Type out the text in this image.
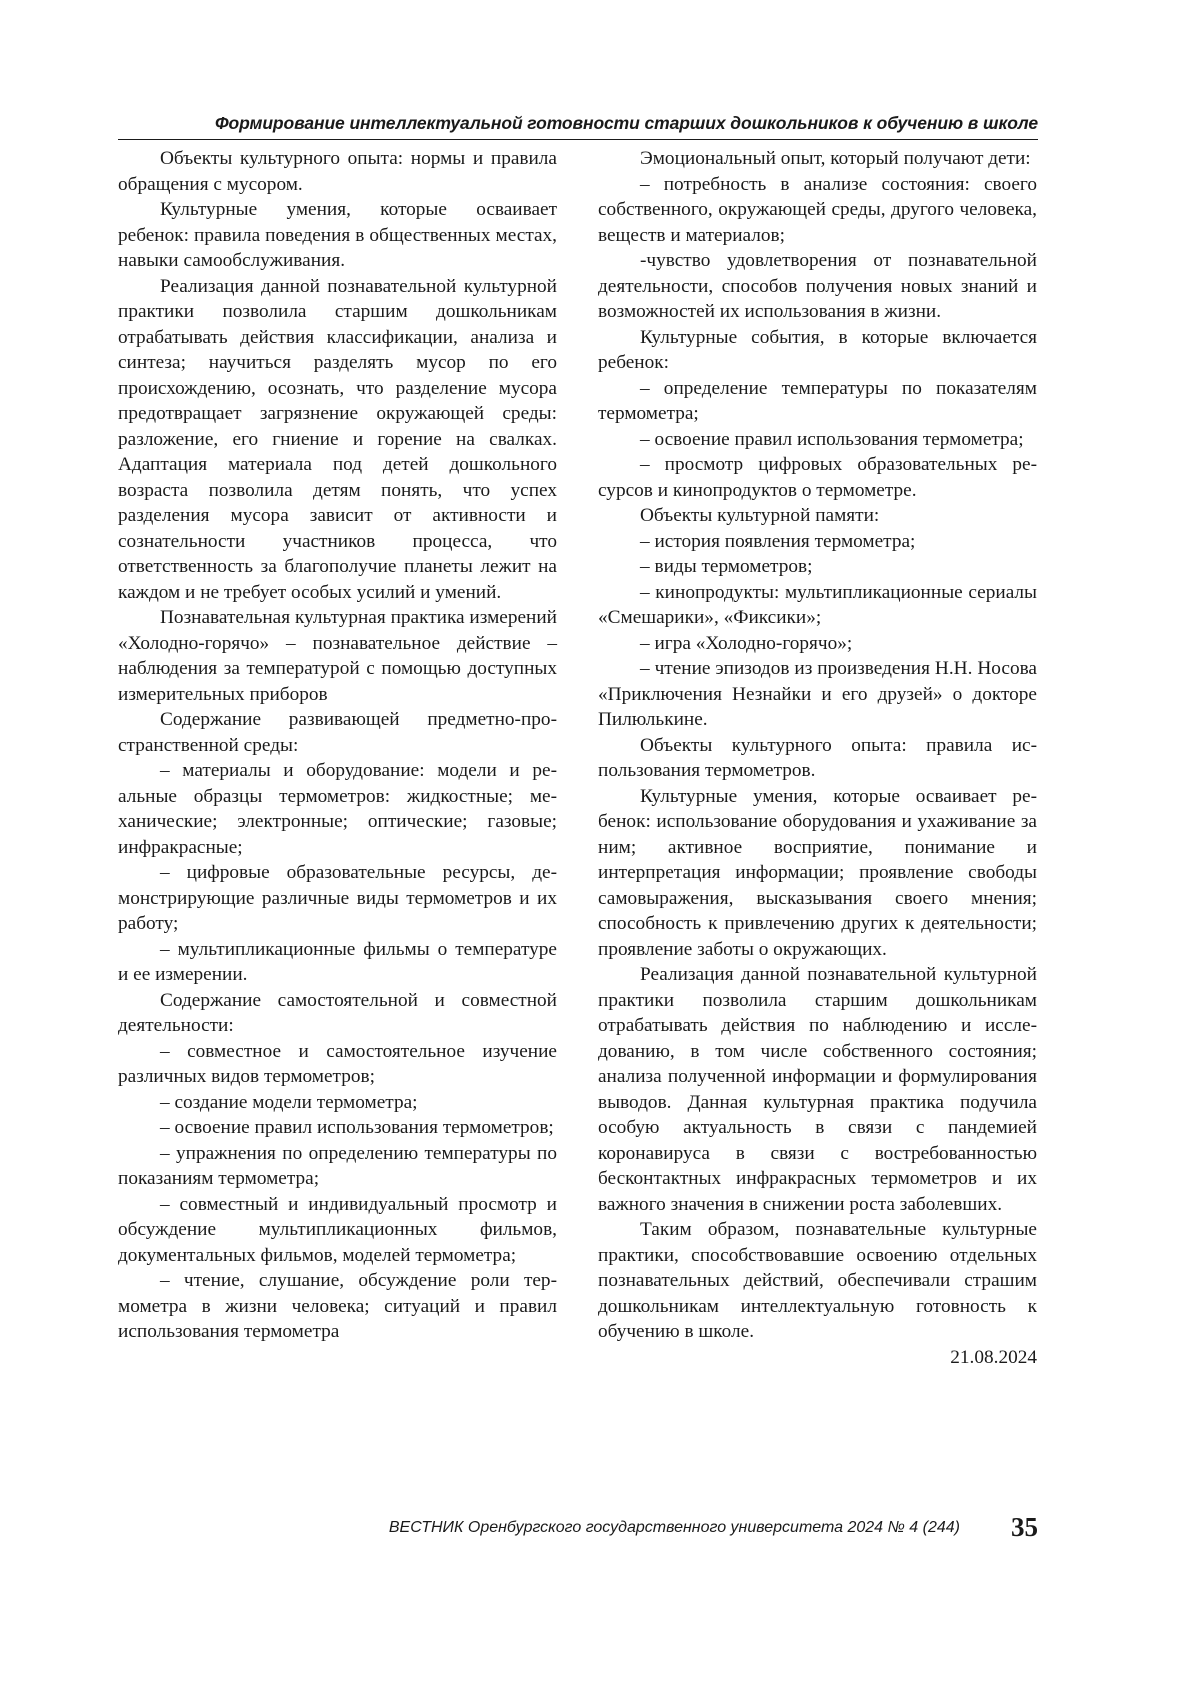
Формирование интеллектуальной готовности старших дошкольников к обучению в школе

Объекты культурного опыта: нормы и правила обращения с мусором.

Культурные умения, которые осваивает ребенок: правила поведения в общественных местах, навыки самообслуживания.

Реализация данной познавательной культурной практики позволила старшим дошкольникам отрабатывать действия классификации, анализа и синтеза; научиться разделять мусор по его происхождению, осознать, что разделение мусора предотвращает загрязнение окружающей среды: разложение, его гниение и горение на свалках. Адаптация материала под детей дошкольного возраста позволила детям понять, что успех разделения мусора зависит от активности и сознательности участников процесса, что ответственность за благополучие планеты лежит на каждом и не требует особых усилий и умений.

Познавательная культурная практика измерений «Холодно-горячо» – познавательное действие – наблюдения за температурой с помощью доступных измерительных приборов

Содержание развивающей предметно-пространственной среды:

– материалы и оборудование: модели и реальные образцы термометров: жидкостные; механические; электронные; оптические; газовые; инфракрасные;

– цифровые образовательные ресурсы, демонстрирующие различные виды термометров и их работу;

– мультипликационные фильмы о температуре и ее измерении.

Содержание самостоятельной и совместной деятельности:

– совместное и самостоятельное изучение различных видов термометров;

– создание модели термометра;

– освоение правил использования термометров;

– упражнения по определению температуры по показаниям термометра;

– совместный и индивидуальный просмотр и обсуждение мультипликационных фильмов, документальных фильмов, моделей термометра;

– чтение, слушание, обсуждение роли термометра в жизни человека; ситуаций и правил использования термометра

Эмоциональный опыт, который получают дети:

– потребность в анализе состояния: своего собственного, окружающей среды, другого человека, веществ и материалов;

-чувство удовлетворения от познавательной деятельности, способов получения новых знаний и возможностей их использования в жизни.

Культурные события, в которые включается ребенок:

– определение температуры по показателям термометра;

– освоение правил использования термометра;

– просмотр цифровых образовательных ресурсов и кинопродуктов о термометре.

Объекты культурной памяти:

– история появления термометра;

– виды термометров;

– кинопродукты: мультипликационные сериалы «Смешарики», «Фиксики»;

– игра «Холодно-горячо»;

– чтение эпизодов из произведения Н.Н. Носова «Приключения Незнайки и его друзей» о докторе Пилюлькине.

Объекты культурного опыта: правила использования термометров.

Культурные умения, которые осваивает ребенок: использование оборудования и ухаживание за ним; активное восприятие, понимание и интерпретация информации; проявление свободы самовыражения, высказывания своего мнения; способность к привлечению других к деятельности; проявление заботы о окружающих.

Реализация данной познавательной культурной практики позволила старшим дошкольникам отрабатывать действия по наблюдению и исследованию, в том числе собственного состояния; анализа полученной информации и формулирования выводов. Данная культурная практика подучила особую актуальность в связи с пандемией коронавируса в связи с востребованностью бесконтактных инфракрасных термометров и их важного значения в снижении роста заболевших.

Таким образом, познавательные культурные практики, способствовавшие освоению отдельных познавательных действий, обеспечивали страшим дошкольникам интеллектуальную готовность к обучению в школе.

21.08.2024

ВЕСТНИК Оренбургского государственного университета 2024 № 4 (244) 35
